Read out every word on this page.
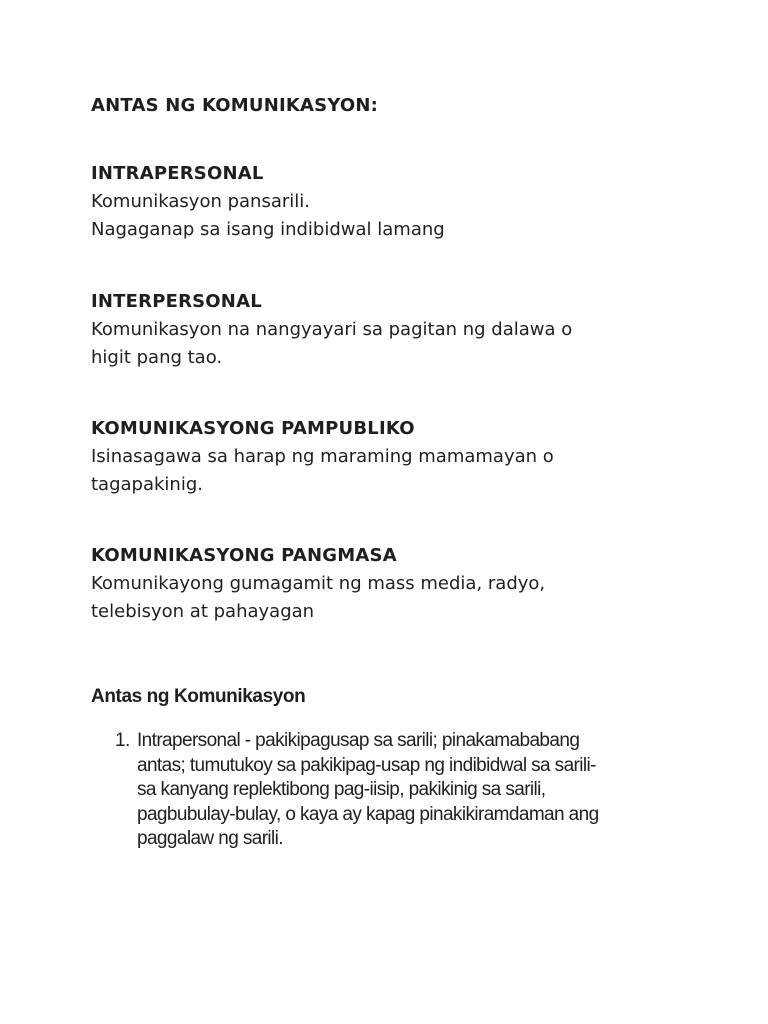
ANTAS NG KOMUNIKASYON:

INTRAPERSONAL

Komunikasyon pansarili.
Nagaganap sa isang indibidwal lamang

INTERPERSONAL

Komunikasyon na nangyayari sa pagitan ng dalawa o
higit pang tao.

KOMUNIKASYONG PAMPUBLIKO

Isinasagawa sa harap ng maraming mamamayan o
tagapakinig.

KOMUNIKASYONG PANGMASA

Komunikayong gumagamit ng mass media, radyo,
telebisyon at pahayagan

Antas ng Komunikasyon
1. Intrapersonal - pakikipagusap sa sarili; pinakamababang
antas; tumutukoy sa pakikipag-usap ng indibidwal sa sarili-
sa kanyang replektibong pag-iisip, pakikinig sa sarili,
pagbubulay-bulay, o kaya ay kapag pinakikiramdaman ang
paggalaw ng sarili.
